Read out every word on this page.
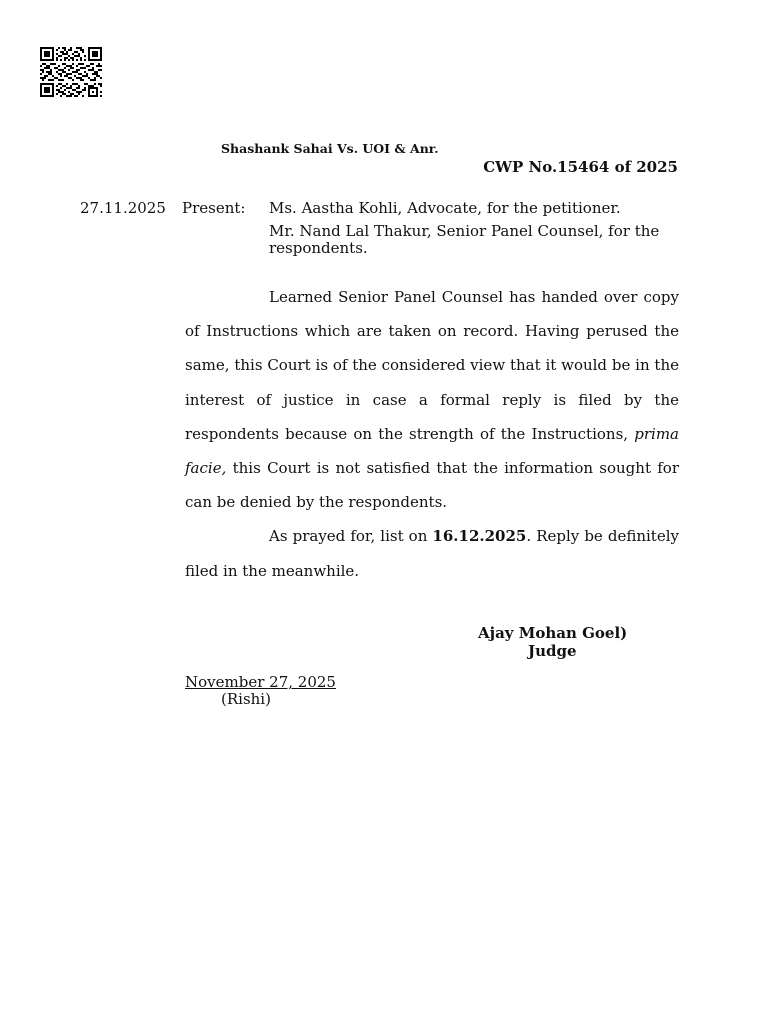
Shashank Sahai Vs. UOI & Anr.
CWP No.15464 of 2025
27.11.2025 Present: Ms. Aastha Kohli, Advocate, for the petitioner.
Mr. Nand Lal Thakur, Senior Panel Counsel, for the respondents.

Learned Senior Panel Counsel has handed over copy of Instructions which are taken on record. Having perused the same, this Court is of the considered view that it would be in the interest of justice in case a formal reply is filed by the respondents because on the strength of the Instructions, prima facie, this Court is not satisfied that the information sought for can be denied by the respondents.

As prayed for, list on 16.12.2025. Reply be definitely filed in the meanwhile.

Ajay Mohan Goel)
Judge
November 27, 2025
(Rishi)
